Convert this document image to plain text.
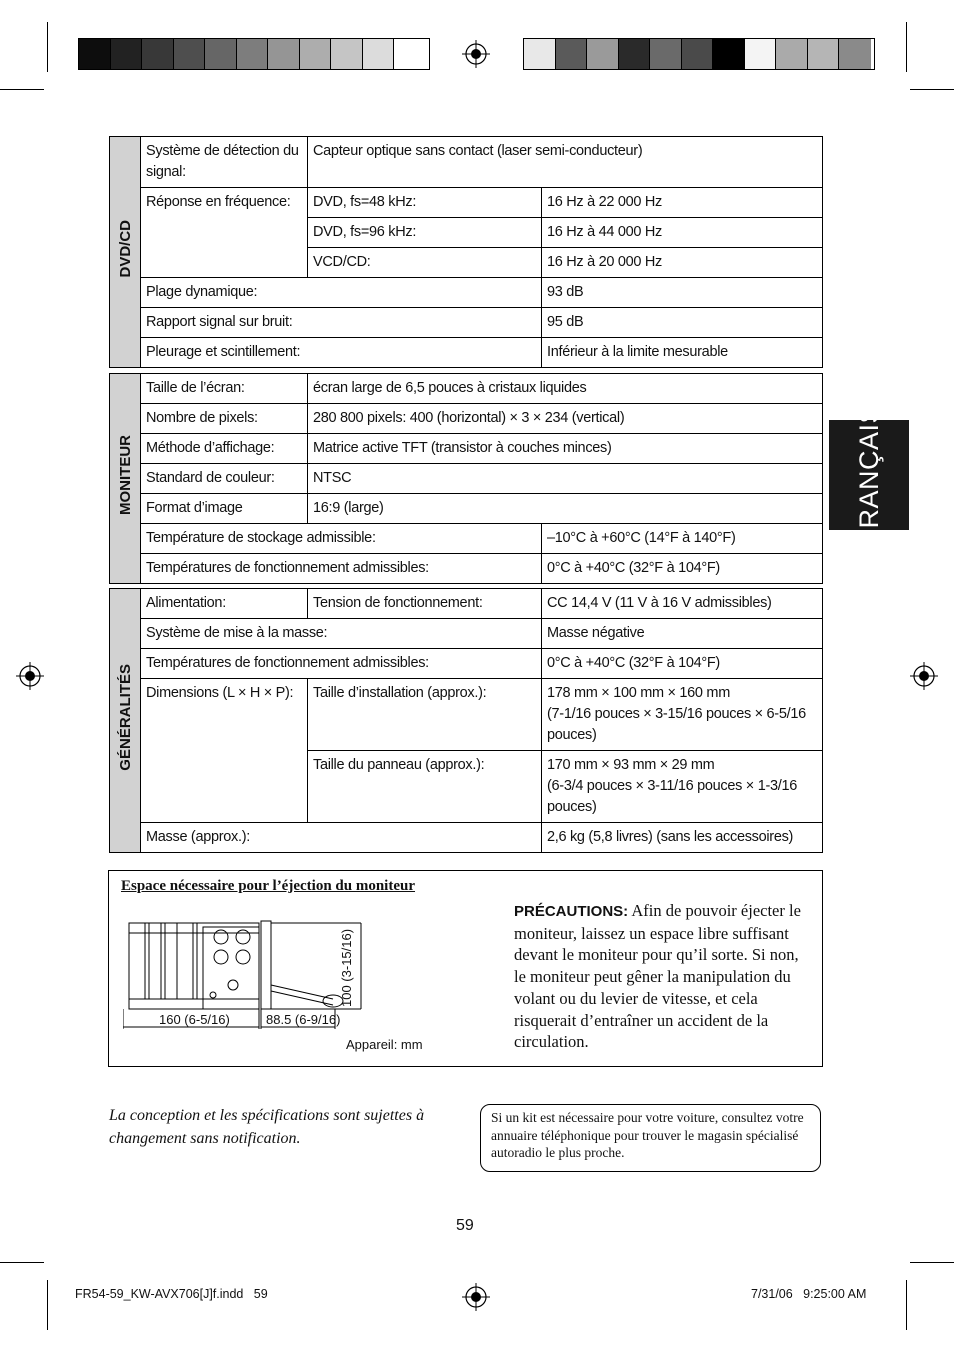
FRANÇAIS
DVD/CD	Système de détection du signal:	Capteur optique sans contact (laser semi-conducteur)	
	Réponse en fréquence:	DVD, fs=48 kHz:	16 Hz à 22 000 Hz
		DVD, fs=96 kHz:	16 Hz à 44 000 Hz
		VCD/CD:	16 Hz à 20 000 Hz
	Plage dynamique:		93 dB
	Rapport signal sur bruit:		95 dB
	Pleurage et scintillement:		Inférieur à la limite mesurable
MONITEUR	Taille de l’écran:	écran large de 6,5 pouces à cristaux liquides	
	Nombre de pixels:	280 800 pixels: 400 (horizontal) × 3 × 234 (vertical)	
	Méthode d’affichage:	Matrice active TFT (transistor à couches minces)	
	Standard de couleur:	NTSC	
	Format d’image	16:9 (large)	
	Température de stockage admissible:		–10°C à +60°C (14°F à 140°F)
	Températures de fonctionnement admissibles:		0°C à +40°C (32°F à 104°F)
GÉNÉRALITÉS	Alimentation:	Tension de fonctionnement:	CC 14,4 V (11 V à 16 V admissibles)
	Système de mise à la masse:		Masse négative
	Températures de fonctionnement admissibles:		0°C à +40°C (32°F à 104°F)
	Dimensions (L × H × P):	Taille d’installation (approx.):	178 mm × 100 mm × 160 mm
(7-1/16 pouces × 3-15/16 pouces × 6-5/16 pouces)

		Taille du panneau (approx.):	170 mm × 93 mm × 29 mm
(6-3/4 pouces × 3-11/16 pouces × 1-3/16 pouces)

	Masse (approx.):		2,6 kg (5,8 livres) (sans les accessoires)
Espace nécessaire pour l’éjection du moniteur
160 (6-5/16)	88.5 (6-9/16)
100 (3-15/16)
Appareil: mm
PRÉCAUTIONS: Afin de pouvoir éjecter le moniteur, laissez un espace libre suffisant devant le moniteur pour qu’il sorte. Si non, le moniteur peut gêner la manipulation du volant ou du levier de vitesse, et cela risquerait d’entraîner un accident de la circulation.
La conception et les spécifications sont sujettes à changement sans notification.
Si un kit est nécessaire pour votre voiture, consultez votre annuaire téléphonique pour trouver le magasin spécialisé autoradio le plus proche.
59
FR54-59_KW-AVX706[J]f.indd   59	7/31/06   9:25:00 AM
